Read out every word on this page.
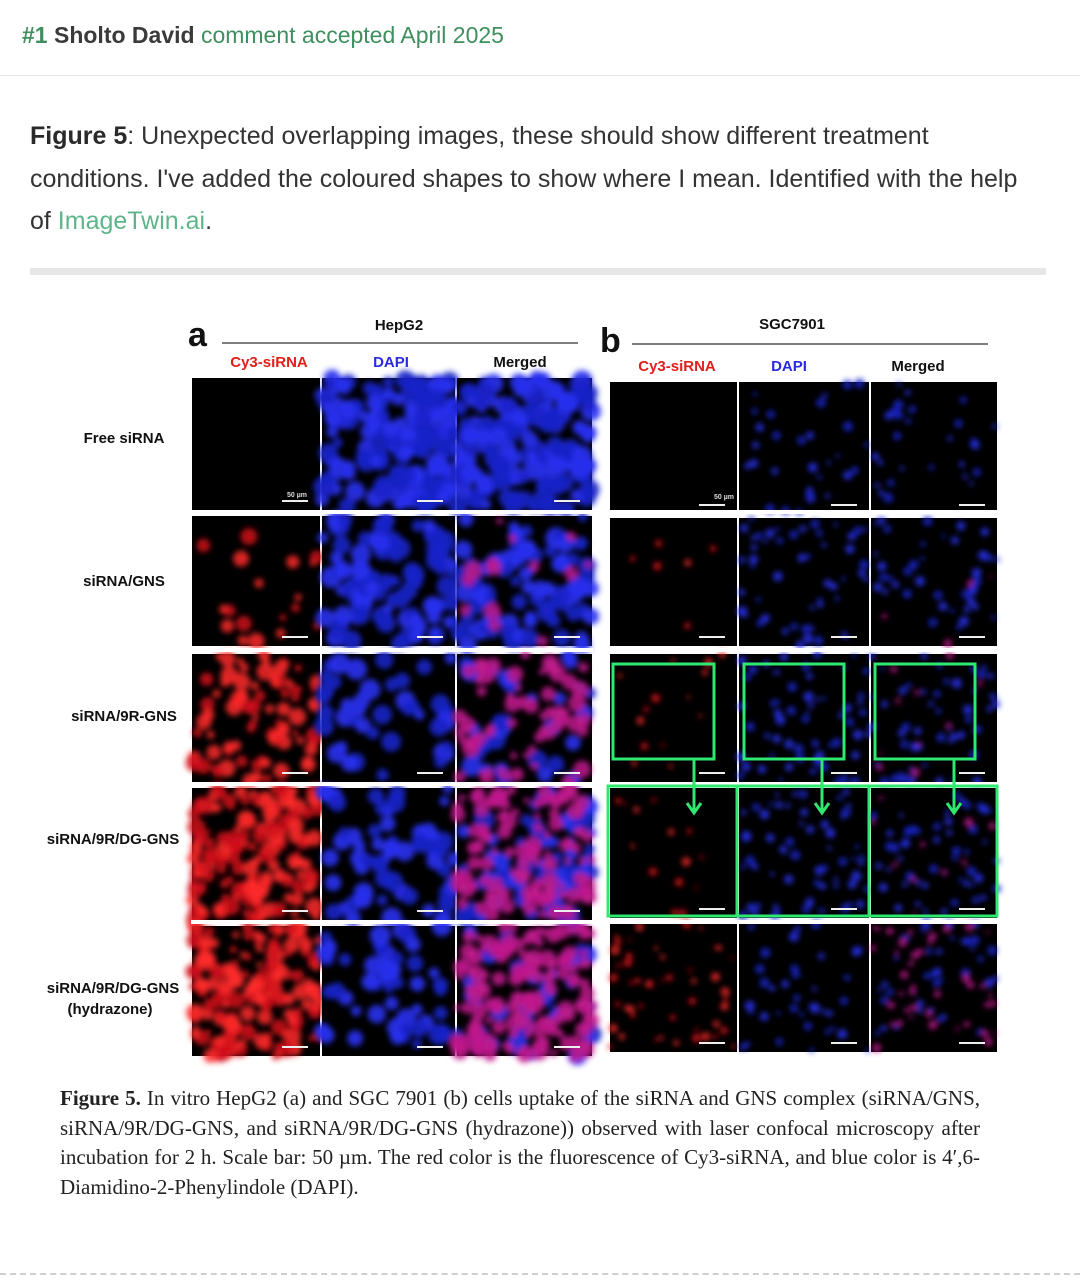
#1 Sholto David comment accepted April 2025
Figure 5: Unexpected overlapping images, these should show different treatment conditions. I've added the coloured shapes to show where I mean. Identified with the help of ImageTwin.ai.
a	HepG2
Cy3-siRNA	DAPI	Merged
b	SGC7901
Cy3-siRNA	DAPI	Merged
Free siRNA
siRNA/GNS
siRNA/9R-GNS
siRNA/9R/DG-GNS
siRNA/9R/DG-GNS
(hydrazone)
50 µm	50 µm
Figure 5. In vitro HepG2 (a) and SGC 7901 (b) cells uptake of the siRNA and GNS complex (siRNA/GNS, siRNA/9R/DG-GNS, and siRNA/9R/DG-GNS (hydrazone)) observed with laser confocal microscopy after incubation for 2 h. Scale bar: 50 µm. The red color is the fluorescence of Cy3-siRNA, and blue color is 4′,6-Diamidino-2-Phenylindole (DAPI).
